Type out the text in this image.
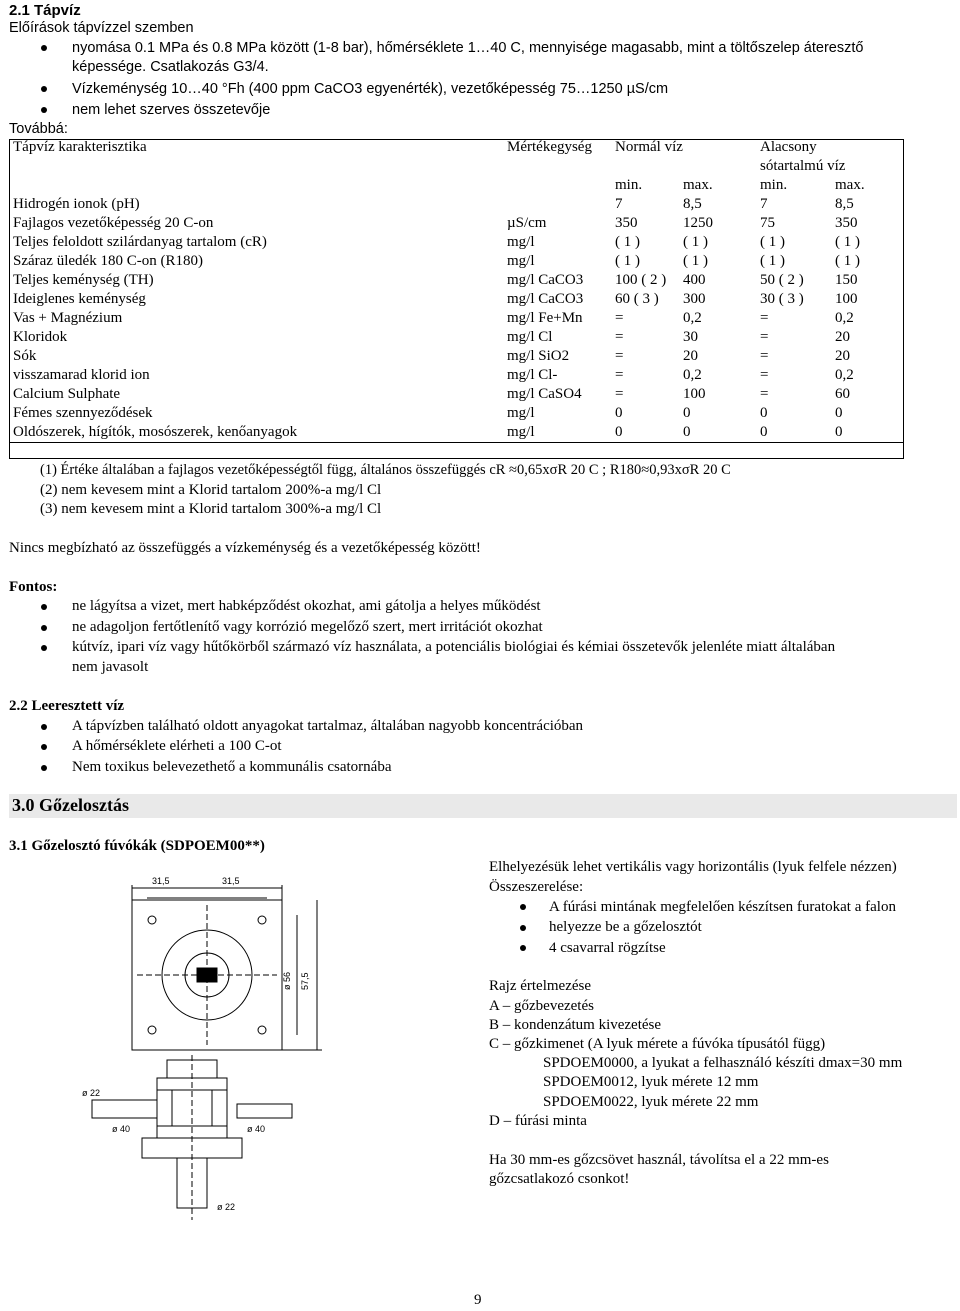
2.1 Tápvíz
Előírások tápvízzel szemben
nyomása 0.1 MPa és 0.8 MPa között (1-8 bar), hőmérséklete 1…40 C, mennyisége magasabb, mint a töltőszelep áteresztő
képessége. Csatlakozás G3/4.
Vízkeménység 10…40 °Fh (400 ppm CaCO3 egyenérték), vezetőképesség 75…1250 µS/cm
nem lehet szerves összetevője
Továbbá:
Tápvíz karakterisztika	Mértékegység	Normál víz		Alacsony	
				sótartalmú víz	
		min.	max.	min.	max.
Hidrogén ionok (pH)		7	8,5	7	8,5
Fajlagos vezetőképesség 20 C-on	µS/cm	350	1250	75	350
Teljes feloldott szilárdanyag tartalom (cR)	mg/l	( 1 )	( 1 )	( 1 )	( 1 )
Száraz üledék 180 C-on (R180)	mg/l	( 1 )	( 1 )	( 1 )	( 1 )
Teljes keménység (TH)	mg/l CaCO3	100 ( 2 )	400	50 ( 2 )	150
Ideiglenes keménység	mg/l CaCO3	60 ( 3 )	300	30 ( 3 )	100
Vas + Magnézium	mg/l Fe+Mn	=	0,2	=	0,2
Kloridok	mg/l Cl	=	30	=	20
Sók	mg/l SiO2	=	20	=	20
visszamarad klorid ion	mg/l Cl-	=	0,2	=	0,2
Calcium Sulphate	mg/l CaSO4	=	100	=	60
Fémes szennyeződések	mg/l	0	0	0	0
Oldószerek, hígítók, mosószerek, kenőanyagok	mg/l	0	0	0	0
(1) Értéke általában a fajlagos vezetőképességtől függ, általános összefüggés cR ≈0,65xσR 20 C ; R180≈0,93xσR 20 C
(2) nem kevesem mint a Klorid tartalom 200%-a mg/l Cl
(3) nem kevesem mint a Klorid tartalom 300%-a mg/l Cl
Nincs megbízható az összefüggés a vízkeménység és a vezetőképesség között!
Fontos:
ne lágyítsa a vizet, mert habképződést okozhat, ami gátolja a helyes működést
ne adagoljon fertőtlenítő vagy korrózió megelőző szert, mert irritációt okozhat
kútvíz, ipari víz vagy hűtőkörből származó víz használata, a potenciális biológiai és kémiai összetevők jelenléte miatt általában
nem javasolt
2.2 Leeresztett víz
A tápvízben található oldott anyagokat tartalmaz, általában nagyobb koncentrációban
A hőmérséklete elérheti a 100 C-ot
Nem toxikus belevezethető a kommunális csatornába
3.0 Gőzelosztás
3.1 Gőzelosztó fúvókák (SDPOEM00**)
Elhelyezésük lehet vertikális vagy horizontális (lyuk felfele nézzen)
Összeszerelése:
A fúrási mintának megfelelően készítsen furatokat a falon
helyezze be a gőzelosztót
4 csavarral rögzítse
Rajz értelmezése
A – gőzbevezetés
B – kondenzátum kivezetése
C – gőzkimenet (A lyuk mérete a fúvóka típusától függ)
SPDOEM0000, a lyukat a felhasználó készíti dmax=30 mm
SPDOEM0012, lyuk mérete 12 mm
SPDOEM0022, lyuk mérete 22 mm
D – fúrási minta
Ha 30 mm-es gőzcsövet használ, távolítsa el a 22 mm-es
gőzcsatlakozó csonkot!
31,5	31,5
57,5
ø 56
ø 22
ø 40	ø 40
ø 22
9
